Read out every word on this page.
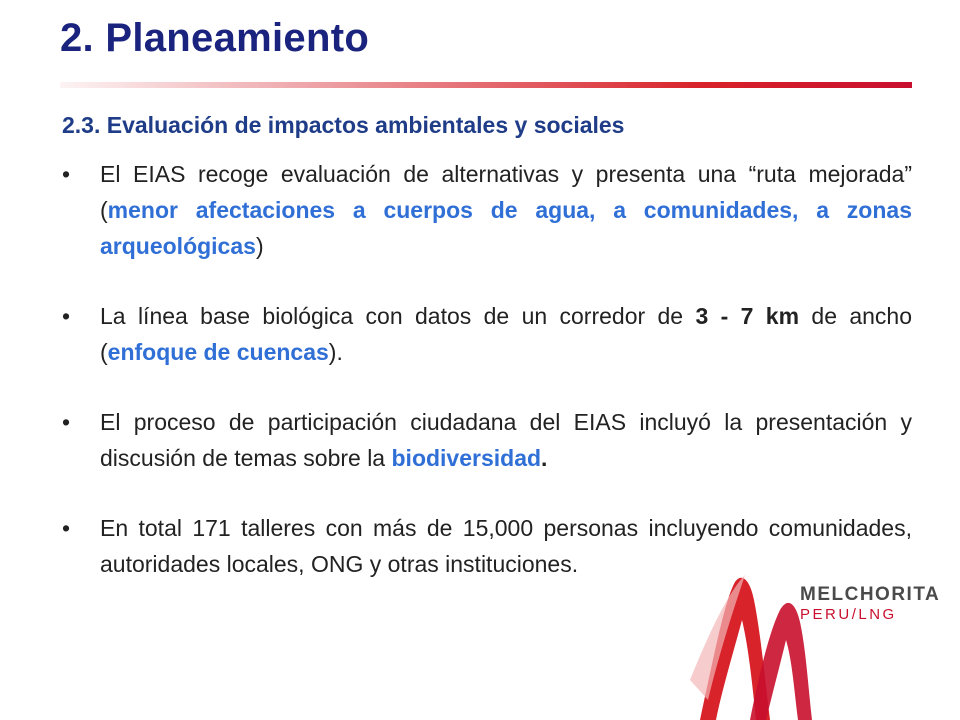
2. Planeamiento
2.3. Evaluación de impactos ambientales y sociales
•	El EIAS recoge evaluación de alternativas y presenta una “ruta mejorada” (menor afectaciones a cuerpos de agua, a comunidades, a zonas arqueológicas)
•	La línea base biológica con datos de un corredor de 3 - 7 km de ancho (enfoque de cuencas).
•	El proceso de participación ciudadana del EIAS incluyó la presentación y discusión de temas sobre la biodiversidad.
•	En total 171 talleres con más de 15,000 personas incluyendo comunidades, autoridades locales, ONG y otras instituciones.
MELCHORITA
PERU/LNG
